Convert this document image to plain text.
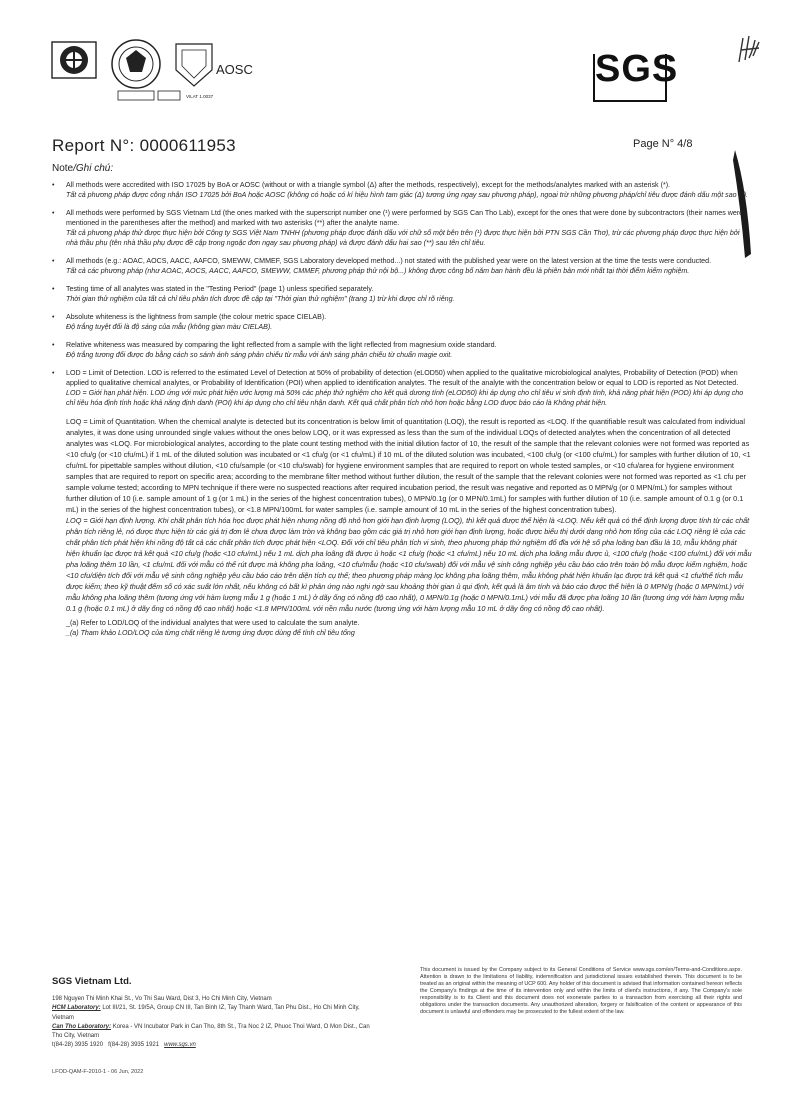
AOSC
VILAT 1.0037
SGS
Report N°: 0000611953	Page N° 4/8
Note/Ghi chú:
• All methods were accredited with ISO 17025 by BoA or AOSC (without or with a triangle symbol (Δ) after the methods, respectively), except for the methods/analytes marked with an asterisk (*).

Tất cả phương pháp được công nhận ISO 17025 bởi BoA hoặc AOSC (không có hoặc có kí hiệu hình tam giác (Δ) tương ứng ngay sau phương pháp), ngoại trừ những phương pháp/chỉ tiêu được đánh dấu một sao (*).

• All methods were performed by SGS Vietnam Ltd (the ones marked with the superscript number one (¹) were performed by SGS Can Tho Lab), except for the ones that were done by subcontractors (their names were mentioned in the parentheses after the method) and marked with two asterisks (**) after the analyte name.

Tất cả phương pháp thử được thực hiện bởi Công ty SGS Việt Nam TNHH (phương pháp được đánh dấu với chữ số một bên trên (¹) được thực hiện bởi PTN SGS Cần Thơ), trừ các phương pháp được thực hiện bởi nhà thầu phụ (tên nhà thầu phụ được đề cập trong ngoặc đơn ngay sau phương pháp) và được đánh dấu hai sao (**) sau tên chỉ tiêu.

• All methods (e.g.: AOAC, AOCS, AACC, AAFCO, SMEWW, CMMEF, SGS Laboratory developed method...) not stated with the published year were on the latest version at the time the tests were conducted.

Tất cả các phương pháp (như AOAC, AOCS, AACC, AAFCO, SMEWW, CMMEF, phương pháp thử nội bộ...) không được công bố năm ban hành đều là phiên bản mới nhất tại thời điểm kiểm nghiệm.

• Testing time of all analytes was stated in the "Testing Period" (page 1) unless specified separately.

Thời gian thử nghiệm của tất cả chỉ tiêu phân tích được đề cập tại "Thời gian thử nghiệm" (trang 1) trừ khi được chỉ rõ riêng.

• Absolute whiteness is the lightness from sample (the colour metric space CIELAB).

Độ trắng tuyệt đối là độ sáng của mẫu (không gian màu CIELAB).

• Relative whiteness was measured by comparing the light reflected from a sample with the light reflected from magnesium oxide standard.

Độ trắng tương đối được đo bằng cách so sánh ánh sáng phản chiếu từ mẫu với ánh sáng phản chiếu từ chuẩn magie oxit.

• LOD = Limit of Detection. LOD is referred to the estimated Level of Detection at 50% of probability of detection (eLOD50) when applied to the qualitative microbiological analytes, Probability of Detection (POD) when applied to qualitative chemical analytes, or Probability of Identification (POI) when applied to identification analytes. The result of the analyte with the concentration below or equal to LOD is reported as Not Detected.

LOD = Giới hạn phát hiện. LOD ứng với mức phát hiện ước lượng mà 50% các phép thử nghiệm cho kết quả dương tính (eLOD50) khi áp dụng cho chỉ tiêu vi sinh định tính, khả năng phát hiện (POD) khi áp dụng cho chỉ tiêu hóa định tính hoặc khả năng định danh (POI) khi áp dụng cho chỉ tiêu nhận danh. Kết quả chất phân tích nhỏ hơn hoặc bằng LOD được báo cáo là Không phát hiện.

LOQ = Limit of Quantitation. When the chemical analyte is detected but its concentration is below limit of quantitation (LOQ), the result is reported as <LOQ. If the quantifiable result was calculated from individual analytes, it was done using unrounded single values without the ones below LOQ, or it was expressed as less than the sum of the individual LOQs of detected analytes when the concentration of all detected analytes was <LOQ. For microbiological analytes, according to the plate count testing method with the initial dilution factor of 10, the result of the sample that the relevant colonies were not formed was reported as <10 cfu/g (or <10 cfu/mL) if 1 mL of the diluted solution was incubated or <1 cfu/g (or <1 cfu/mL) if 10 mL of the diluted solution was incubated, <100 cfu/g (or <100 cfu/mL) for samples with further dilution of 10, <1 cfu/mL for pipettable samples without dilution, <10 cfu/sample (or <10 cfu/swab) for hygiene environment samples that are required to report on whole tested samples, or <10 cfu/area for hygiene environment samples that are required to report on specific area; according to the membrane filter method without further dilution, the result of the sample that the relevant colonies were not formed was reported as <1 cfu per sample volume tested; according to MPN technique if there were no suspected reactions after required incubation period, the result was negative and reported as 0 MPN/g (or 0 MPN/mL) for samples without further dilution of 10 (i.e. sample amount of 1 g (or 1 mL) in the series of the highest concentration tubes), 0 MPN/0.1g (or 0 MPN/0.1mL) for samples with further dilution of 10 (i.e. sample amount of 0.1 g (or 0.1 mL) in the series of the highest concentration tubes), or <1.8 MPN/100mL for water samples (i.e. sample amount of 10 mL in the series of the highest concentration tubes).

LOQ = Giới hạn định lượng. Khi chất phân tích hóa học được phát hiện nhưng nồng độ nhỏ hơn giới hạn định lượng (LOQ), thì kết quả được thể hiện là <LOQ. Nếu kết quả có thể định lượng được tính từ các chất phân tích riêng lẻ, nó được thực hiện từ các giá trị đơn lẻ chưa được làm tròn và không bao gồm các giá trị nhỏ hơn giới hạn định lượng, hoặc được biểu thị dưới dạng nhỏ hơn tổng của các LOQ riêng lẻ của các chất phân tích phát hiện khi nồng độ tất cả các chất phân tích được phát hiện <LOQ. Đối với chỉ tiêu phân tích vi sinh, theo phương pháp thử nghiệm đổ đĩa với hệ số pha loãng ban đầu là 10, mẫu không phát hiện khuẩn lạc được trả kết quả <10 cfu/g (hoặc <10 cfu/mL) nếu 1 mL dịch pha loãng đã được ủ hoặc <1 cfu/g (hoặc <1 cfu/mL) nếu 10 mL dịch pha loãng mẫu được ủ, <100 cfu/g (hoặc <100 cfu/mL) đối với mẫu pha loãng thêm 10 lần, <1 cfu/mL đối với mẫu có thể rút được mà không pha loãng, <10 cfu/mẫu (hoặc <10 cfu/swab) đối với mẫu vệ sinh công nghiệp yêu cầu báo cáo trên toàn bộ mẫu được kiểm nghiệm, hoặc <10 cfu/diện tích đối với mẫu vệ sinh công nghiệp yêu cầu báo cáo trên diện tích cụ thể; theo phương pháp màng lọc không pha loãng thêm, mẫu không phát hiện khuẩn lạc được trả kết quả <1 cfu/thể tích mẫu được kiểm; theo kỹ thuật đếm số có xác suất lớn nhất, nếu không có bất kì phản ứng nào nghi ngờ sau khoảng thời gian ủ qui định, kết quả là âm tính và báo cáo được thể hiện là 0 MPN/g (hoặc 0 MPN/mL) với mẫu không pha loãng thêm (tương ứng với hàm lượng mẫu 1 g (hoặc 1 mL) ở dãy ống có nồng độ cao nhất), 0 MPN/0.1g (hoặc 0 MPN/0.1mL) với mẫu đã được pha loãng 10 lần (tương ứng với hàm lượng mẫu 0.1 g (hoặc 0.1 mL) ở dãy ống có nồng độ cao nhất) hoặc <1.8 MPN/100mL với nền mẫu nước (tương ứng với hàm lượng mẫu 10 mL ở dãy ống có nồng độ cao nhất).

_(a) Refer to LOD/LOQ of the individual analytes that were used to calculate the sum analyte.

_(a) Tham khảo LOD/LOQ của từng chất riêng lẻ tương ứng được dùng để tính chỉ tiêu tổng

SGS Vietnam Ltd.

198 Nguyen Thi Minh Khai St., Vo Thi Sau Ward, Dist 3, Ho Chi Minh City, Vietnam

HCM Laboratory: Lot III/21, St. 19/5A, Group CN III, Tan Binh IZ, Tay Thanh Ward, Tan Phu Dist., Ho Chi Minh City, Vietnam

Can Tho Laboratory: Korea - VN Incubator Park in Can Tho, 8th St., Tra Noc 2 IZ, Phuoc Thoi Ward, O Mon Dist., Can Tho City, Vietnam

t(84-28) 3935 1920 f(84-28) 3935 1921 www.sgs.vn

This document is issued by the Company subject to its General Conditions of Service www.sgs.com/en/Terms-and-Conditions.aspx. Attention is drawn to the limitations of liability, indemnification and jurisdictional issues established therein. This document is to be treated as an original within the meaning of UCP 600. Any holder of this document is advised that information contained hereon reflects the Company's findings at the time of its intervention only and within the limits of client's instructions, if any. The Company's sole responsibility is to its Client and this document does not exonerate parties to a transaction from exercising all their rights and obligations under the transaction documents. Any unauthorized alteration, forgery or falsification of the content or appearance of this document is unlawful and offenders may be prosecuted to the fullest extent of the law.
LFOD-QAM-F-2010-1 - 06 Jun, 2022
